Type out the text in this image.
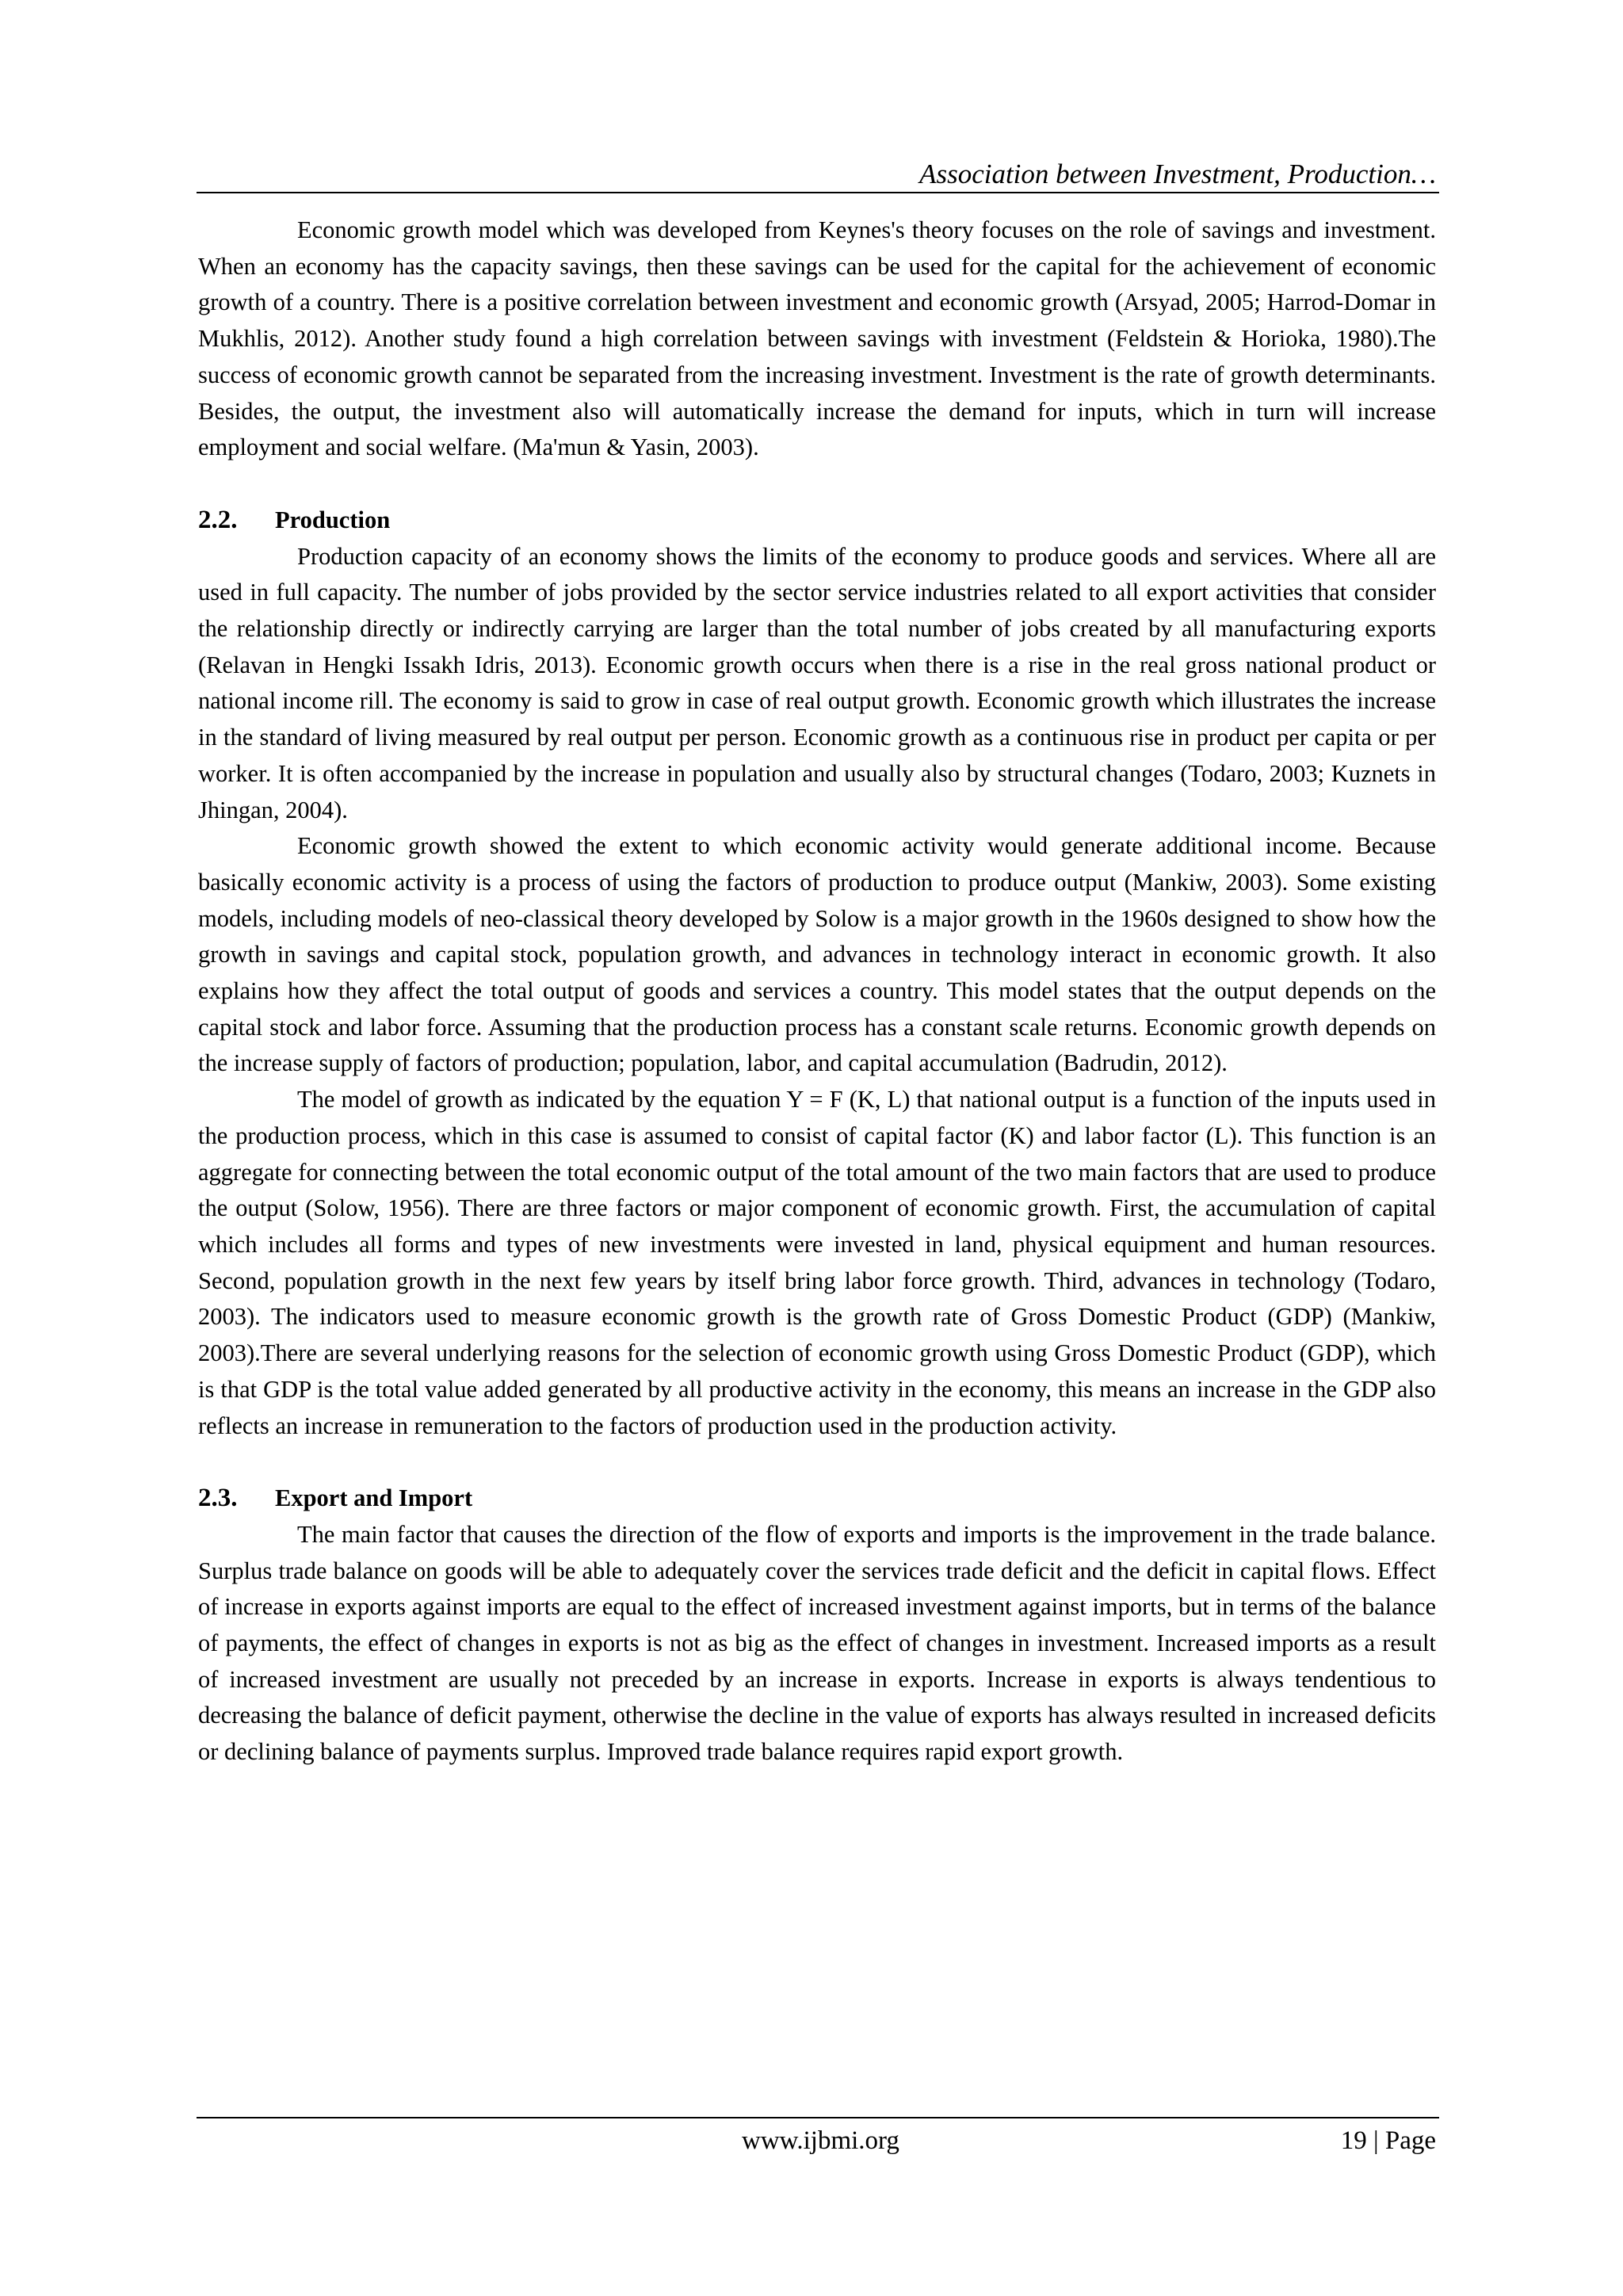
Association between Investment, Production…

Economic growth model which was developed from Keynes's theory focuses on the role of savings and investment. When an economy has the capacity savings, then these savings can be used for the capital for the achievement of economic growth of a country. There is a positive correlation between investment and economic growth (Arsyad, 2005; Harrod-Domar in Mukhlis, 2012). Another study found a high correlation between savings with investment (Feldstein & Horioka, 1980).The success of economic growth cannot be separated from the increasing investment. Investment is the rate of growth determinants. Besides, the output, the investment also will automatically increase the demand for inputs, which in turn will increase employment and social welfare. (Ma'mun & Yasin, 2003).

2.2. Production

Production capacity of an economy shows the limits of the economy to produce goods and services. Where all are used in full capacity. The number of jobs provided by the sector service industries related to all export activities that consider the relationship directly or indirectly carrying are larger than the total number of jobs created by all manufacturing exports (Relavan in Hengki Issakh Idris, 2013). Economic growth occurs when there is a rise in the real gross national product or national income rill. The economy is said to grow in case of real output growth. Economic growth which illustrates the increase in the standard of living measured by real output per person. Economic growth as a continuous rise in product per capita or per worker. It is often accompanied by the increase in population and usually also by structural changes (Todaro, 2003; Kuznets in Jhingan, 2004).

Economic growth showed the extent to which economic activity would generate additional income. Because basically economic activity is a process of using the factors of production to produce output (Mankiw, 2003). Some existing models, including models of neo-classical theory developed by Solow is a major growth in the 1960s designed to show how the growth in savings and capital stock, population growth, and advances in technology interact in economic growth. It also explains how they affect the total output of goods and services a country. This model states that the output depends on the capital stock and labor force. Assuming that the production process has a constant scale returns. Economic growth depends on the increase supply of factors of production; population, labor, and capital accumulation (Badrudin, 2012).

The model of growth as indicated by the equation Y = F (K, L) that national output is a function of the inputs used in the production process, which in this case is assumed to consist of capital factor (K) and labor factor (L). This function is an aggregate for connecting between the total economic output of the total amount of the two main factors that are used to produce the output (Solow, 1956). There are three factors or major component of economic growth. First, the accumulation of capital which includes all forms and types of new investments were invested in land, physical equipment and human resources. Second, population growth in the next few years by itself bring labor force growth. Third, advances in technology (Todaro, 2003). The indicators used to measure economic growth is the growth rate of Gross Domestic Product (GDP) (Mankiw, 2003).There are several underlying reasons for the selection of economic growth using Gross Domestic Product (GDP), which is that GDP is the total value added generated by all productive activity in the economy, this means an increase in the GDP also reflects an increase in remuneration to the factors of production used in the production activity.

2.3. Export and Import

The main factor that causes the direction of the flow of exports and imports is the improvement in the trade balance. Surplus trade balance on goods will be able to adequately cover the services trade deficit and the deficit in capital flows. Effect of increase in exports against imports are equal to the effect of increased investment against imports, but in terms of the balance of payments, the effect of changes in exports is not as big as the effect of changes in investment. Increased imports as a result of increased investment are usually not preceded by an increase in exports. Increase in exports is always tendentious to decreasing the balance of deficit payment, otherwise the decline in the value of exports has always resulted in increased deficits or declining balance of payments surplus. Improved trade balance requires rapid export growth.

www.ijbmi.org	19 | Page
